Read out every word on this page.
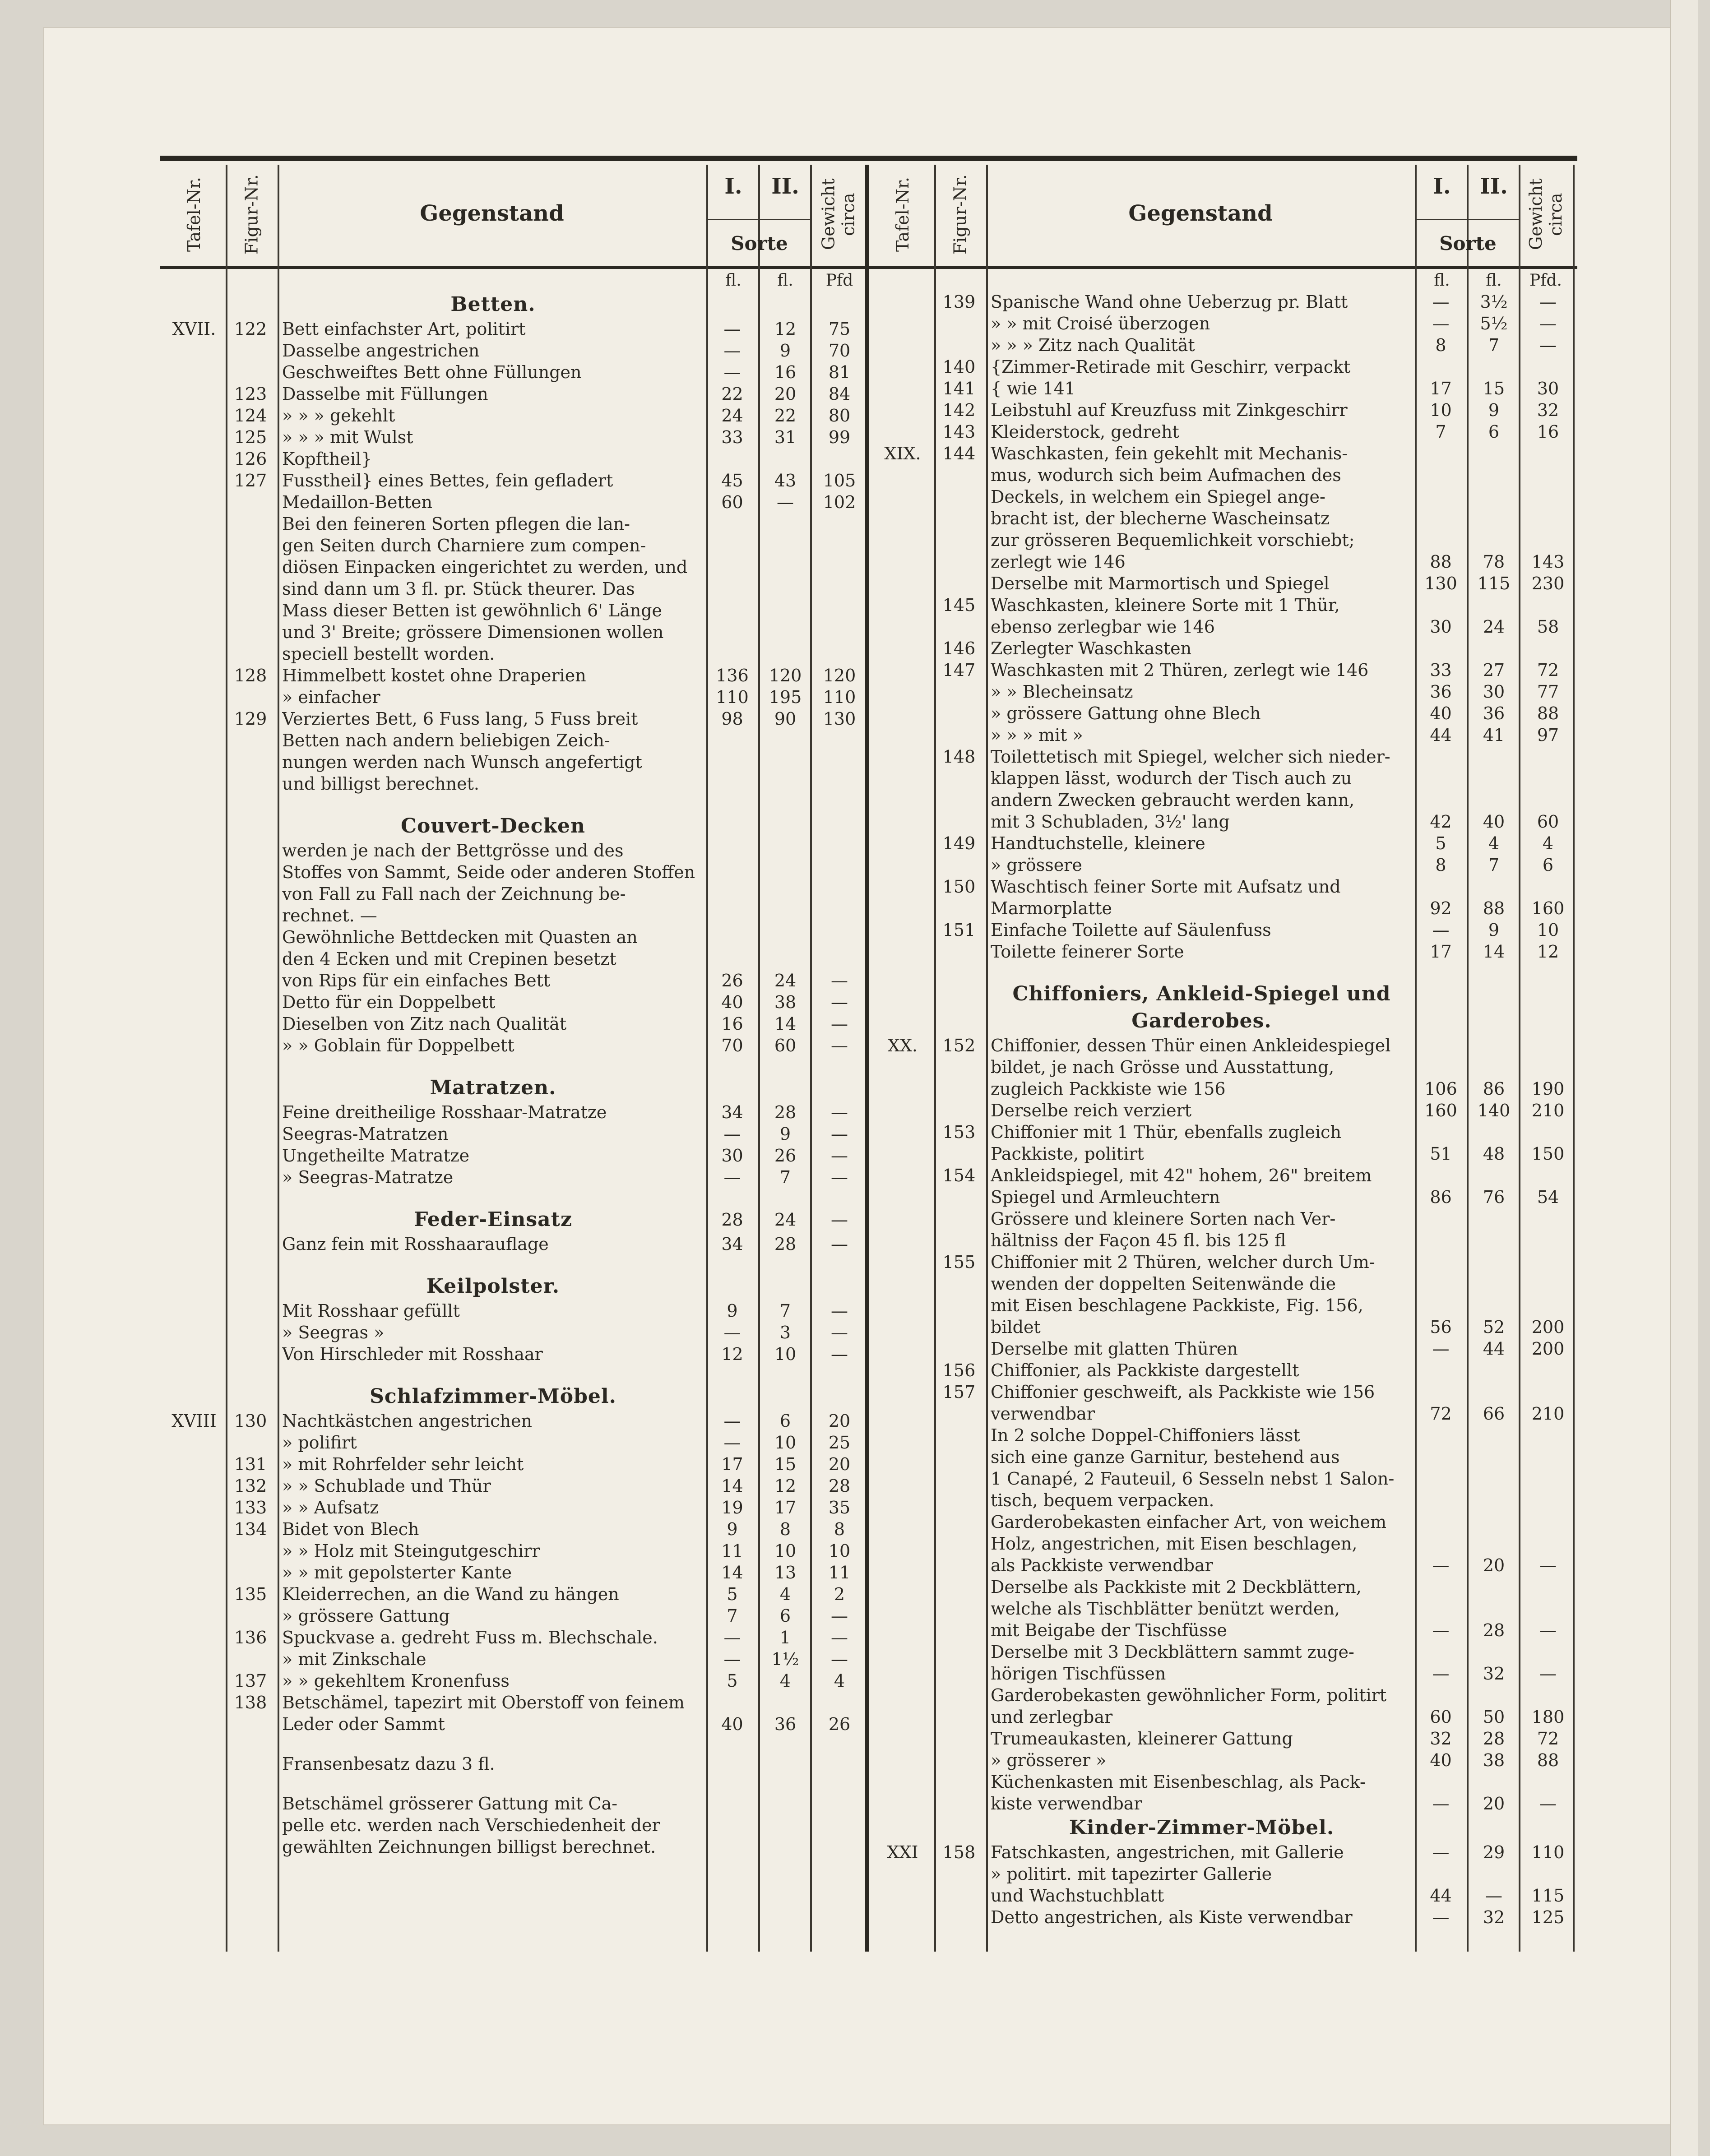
Tafel-Nr.	Figur-Nr.	Gegenstand
I.	II.
Sorte	Gewicht circa
fl.	fl.	Pfd
Tafel-Nr.	Figur-Nr.	Gegenstand
I.	II.
Sorte	Gewicht circa
fl.	fl.	Pfd.
Betten.
XVII.	122 Bett einfachster Art, politirt	—	12	75
Dasselbe angestrichen	—	9	70
Geschweiftes Bett ohne Füllungen	—	16	81
123 Dasselbe mit Füllungen	22	20	84
124 » » » gekehlt	24	22	80
125 » » » mit Wulst	33	31	99
126 Kopftheil}
127 Fusstheil} eines Bettes, fein gefladert	45	43	105
Medaillon-Betten	60	—	102
Bei den feineren Sorten pflegen die lan-
gen Seiten durch Charniere zum compen-
diösen Einpacken eingerichtet zu werden, und
sind dann um 3 fl. pr. Stück theurer. Das
Mass dieser Betten ist gewöhnlich 6' Länge
und 3' Breite; grössere Dimensionen wollen
speciell bestellt worden.
128 Himmelbett kostet ohne Draperien	136	120	120
» einfacher	110	195	110
129 Verziertes Bett, 6 Fuss lang, 5 Fuss breit	98	90	130
Betten nach andern beliebigen Zeich-
nungen werden nach Wunsch angefertigt
und billigst berechnet.
Couvert-Decken
werden je nach der Bettgrösse und des
Stoffes von Sammt, Seide oder anderen Stoffen
von Fall zu Fall nach der Zeichnung be-
rechnet. —
Gewöhnliche Bettdecken mit Quasten an
den 4 Ecken und mit Crepinen besetzt
von Rips für ein einfaches Bett	26	24	—
Detto für ein Doppelbett	40	38	—
Dieselben von Zitz nach Qualität	16	14	—
» » Goblain für Doppelbett	70	60	—
Matratzen.
Feine dreitheilige Rosshaar-Matratze	34	28	—
Seegras-Matratzen	—	9	—
Ungetheilte Matratze	30	26	—
» Seegras-Matratze	—	7	—
Feder-Einsatz	28	24	—
Ganz fein mit Rosshaarauflage	34	28	—
Keilpolster.
Mit Rosshaar gefüllt	9	7	—
» Seegras »	—	3	—
Von Hirschleder mit Rosshaar	12	10	—
Schlafzimmer-Möbel.
XVIII	130 Nachtkästchen angestrichen	—	6	20
» polifirt	—	10	25
131 » mit Rohrfelder sehr leicht	17	15	20
132 » » Schublade und Thür	14	12	28
133 » » Aufsatz	19	17	35
134 Bidet von Blech	9	8	8
» » Holz mit Steingutgeschirr	11	10	10
» » mit gepolsterter Kante	14	13	11
135 Kleiderrechen, an die Wand zu hängen	5	4	2
» grössere Gattung	7	6	—
136 Spuckvase a. gedreht Fuss m. Blechschale.	—	1	—
» mit Zinkschale	—	1½	—
137 » » gekehltem Kronenfuss	5	4	4
138 Betschämel, tapezirt mit Oberstoff von feinem
Leder oder Sammt	40	36	26
Fransenbesatz dazu 3 fl.
Betschämel grösserer Gattung mit Ca-
pelle etc. werden nach Verschiedenheit der
gewählten Zeichnungen billigst berechnet.
139 Spanische Wand ohne Ueberzug pr. Blatt	—	3½	—
» » mit Croisé überzogen	—	5½	—
» » » Zitz nach Qualität	8	7	—
140 {Zimmer-Retirade mit Geschirr, verpackt
141 { wie 141	17	15	30
142 Leibstuhl auf Kreuzfuss mit Zinkgeschirr	10	9	32
143 Kleiderstock, gedreht	7	6	16
XIX.	144 Waschkasten, fein gekehlt mit Mechanis-
mus, wodurch sich beim Aufmachen des
Deckels, in welchem ein Spiegel ange-
bracht ist, der blecherne Wascheinsatz
zur grösseren Bequemlichkeit vorschiebt;
zerlegt wie 146	88	78	143
Derselbe mit Marmortisch und Spiegel	130	115	230
145 Waschkasten, kleinere Sorte mit 1 Thür,
ebenso zerlegbar wie 146	30	24	58
146 Zerlegter Waschkasten
147 Waschkasten mit 2 Thüren, zerlegt wie 146	33	27	72
» » Blecheinsatz	36	30	77
» grössere Gattung ohne Blech	40	36	88
» » » mit »	44	41	97
148 Toilettetisch mit Spiegel, welcher sich nieder-
klappen lässt, wodurch der Tisch auch zu
andern Zwecken gebraucht werden kann,
mit 3 Schubladen, 3½' lang	42	40	60
149 Handtuchstelle, kleinere	5	4	4
» grössere	8	7	6
150 Waschtisch feiner Sorte mit Aufsatz und
Marmorplatte	92	88	160
151 Einfache Toilette auf Säulenfuss	—	9	10
Toilette feinerer Sorte	17	14	12
Chiffoniers, Ankleid-Spiegel und
Garderobes.
XX.	152 Chiffonier, dessen Thür einen Ankleidespiegel
bildet, je nach Grösse und Ausstattung,
zugleich Packkiste wie 156	106	86	190
Derselbe reich verziert	160	140	210
153 Chiffonier mit 1 Thür, ebenfalls zugleich
Packkiste, politirt	51	48	150
154 Ankleidspiegel, mit 42" hohem, 26" breitem
Spiegel und Armleuchtern	86	76	54
Grössere und kleinere Sorten nach Ver-
hältniss der Façon 45 fl. bis 125 fl
155 Chiffonier mit 2 Thüren, welcher durch Um-
wenden der doppelten Seitenwände die
mit Eisen beschlagene Packkiste, Fig. 156,
bildet	56	52	200
Derselbe mit glatten Thüren	—	44	200
156 Chiffonier, als Packkiste dargestellt
157 Chiffonier geschweift, als Packkiste wie 156
verwendbar	72	66	210
In 2 solche Doppel-Chiffoniers lässt
sich eine ganze Garnitur, bestehend aus
1 Canapé, 2 Fauteuil, 6 Sesseln nebst 1 Salon-
tisch, bequem verpacken.
Garderobekasten einfacher Art, von weichem
Holz, angestrichen, mit Eisen beschlagen,
als Packkiste verwendbar	—	20	—
Derselbe als Packkiste mit 2 Deckblättern,
welche als Tischblätter benützt werden,
mit Beigabe der Tischfüsse	—	28	—
Derselbe mit 3 Deckblättern sammt zuge-
hörigen Tischfüssen	—	32	—
Garderobekasten gewöhnlicher Form, politirt
und zerlegbar	60	50	180
Trumeaukasten, kleinerer Gattung	32	28	72
» grösserer »	40	38	88
Küchenkasten mit Eisenbeschlag, als Pack-
kiste verwendbar	—	20	—
Kinder-Zimmer-Möbel.
XXI	158 Fatschkasten, angestrichen, mit Gallerie	—	29	110
» politirt. mit tapezirter Gallerie
und Wachstuchblatt	44	—	115
Detto angestrichen, als Kiste verwendbar	—	32	125
